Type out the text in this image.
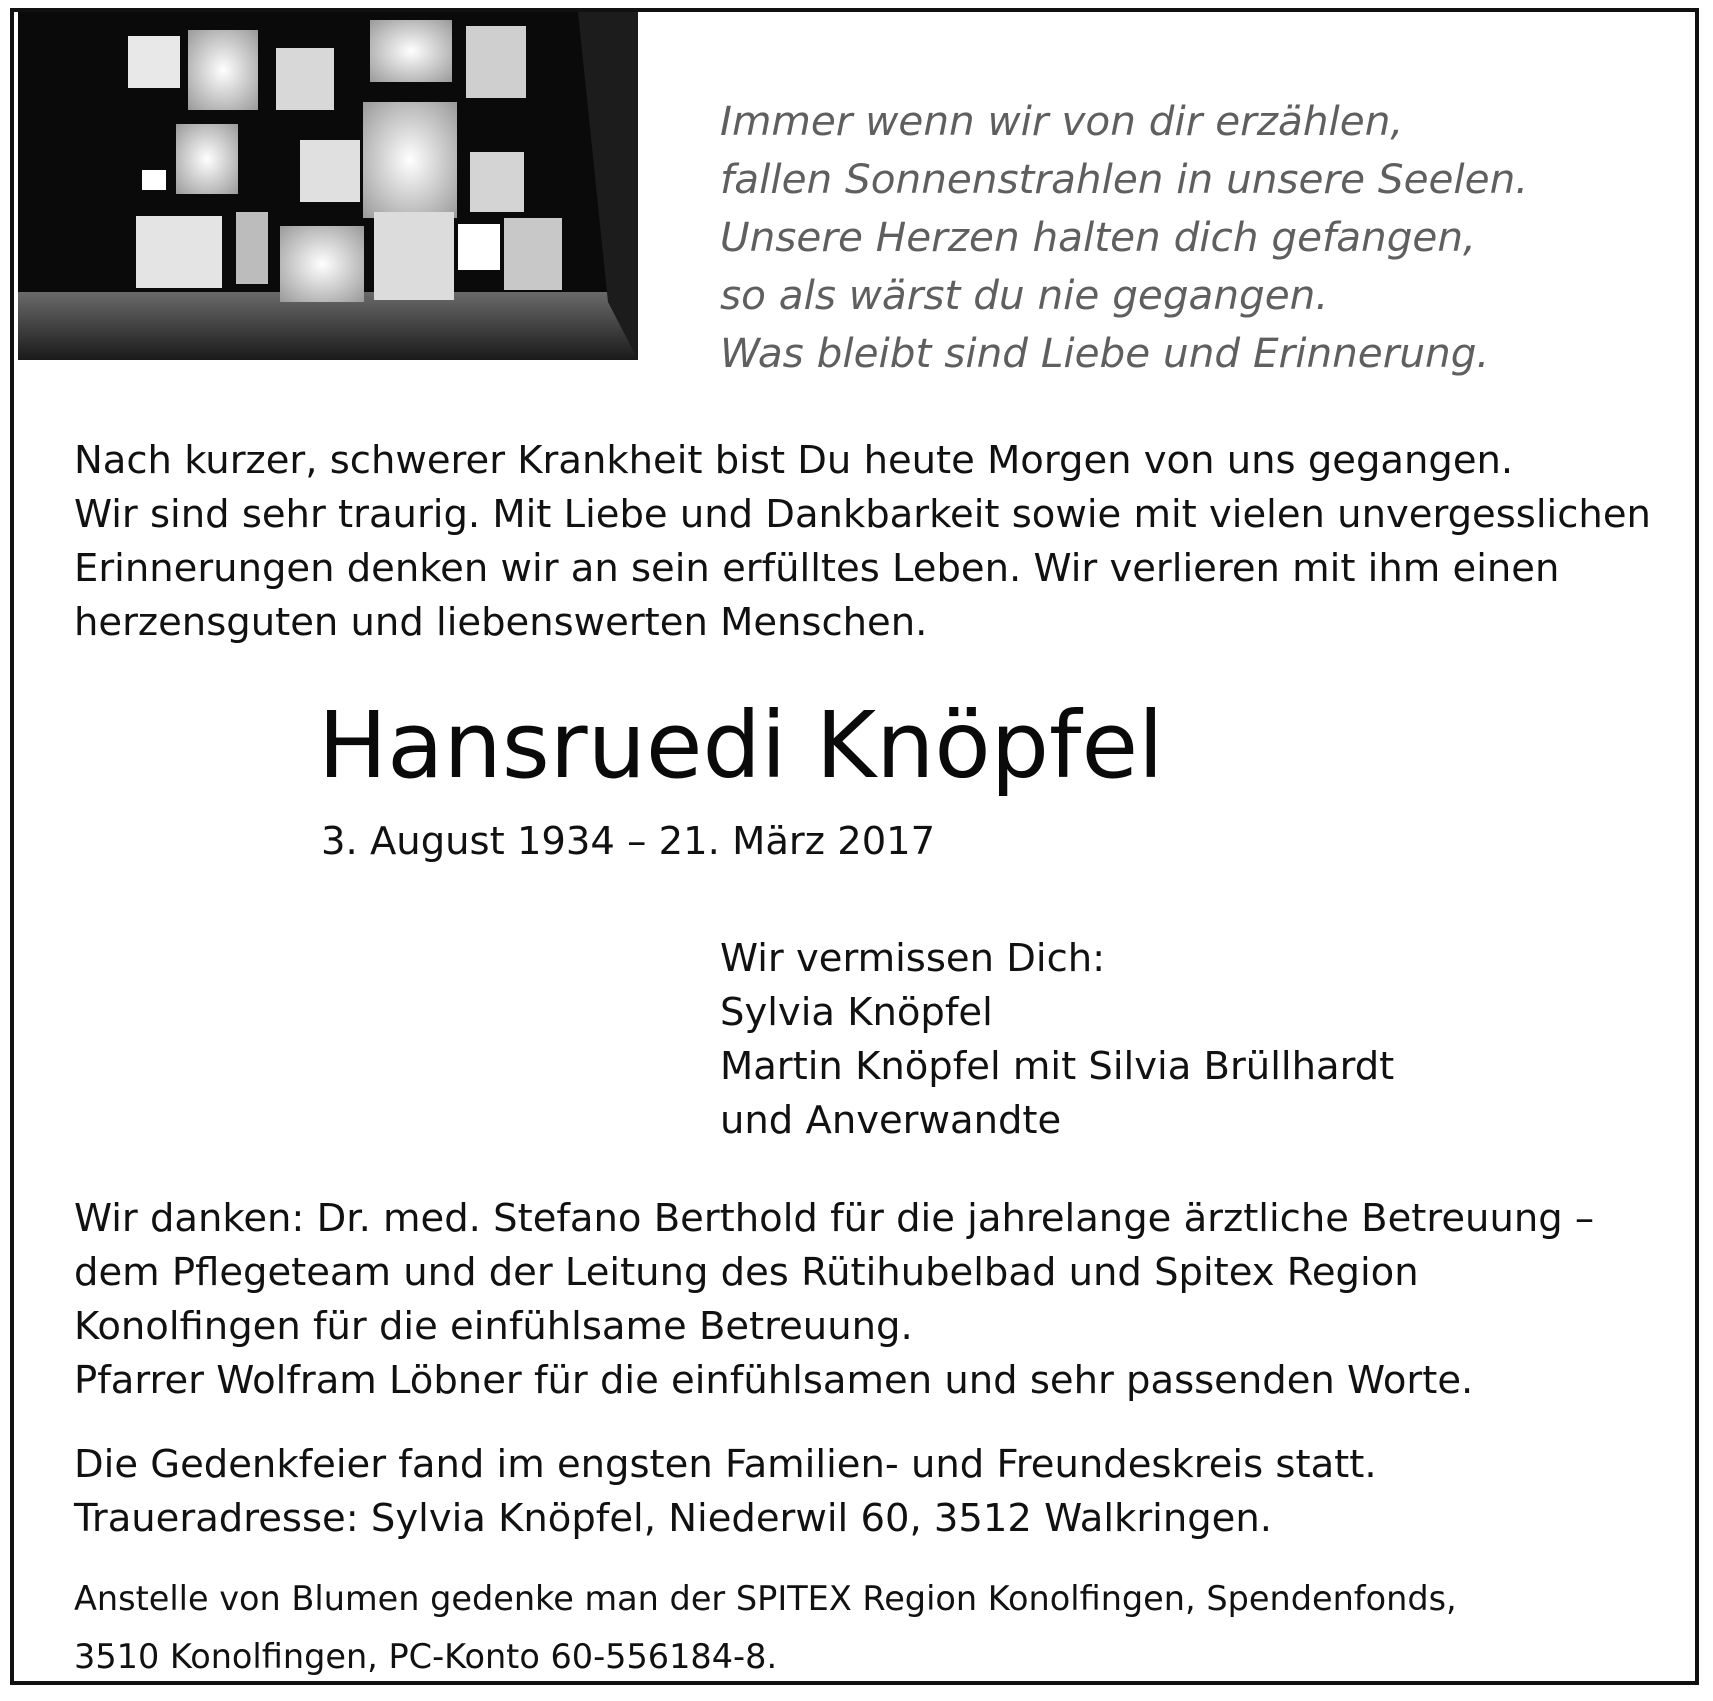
Immer wenn wir von dir erzählen,
fallen Sonnenstrahlen in unsere Seelen.
Unsere Herzen halten dich gefangen,
so als wärst du nie gegangen.
Was bleibt sind Liebe und Erinnerung.
Nach kurzer, schwerer Krankheit bist Du heute Morgen von uns gegangen.
Wir sind sehr traurig. Mit Liebe und Dankbarkeit sowie mit vielen unvergesslichen
Erinnerungen denken wir an sein erfülltes Leben. Wir verlieren mit ihm einen
herzensguten und liebenswerten Menschen.
Hansruedi Knöpfel
3. August 1934 – 21. März 2017
Wir vermissen Dich:
Sylvia Knöpfel
Martin Knöpfel mit Silvia Brüllhardt
und Anverwandte
Wir danken: Dr. med. Stefano Berthold für die jahrelange ärztliche Betreuung –
dem Pflegeteam und der Leitung des Rütihubelbad und Spitex Region
Konolfingen für die einfühlsame Betreuung.
Pfarrer Wolfram Löbner für die einfühlsamen und sehr passenden Worte.
Die Gedenkfeier fand im engsten Familien- und Freundeskreis statt.
Traueradresse: Sylvia Knöpfel, Niederwil 60, 3512 Walkringen.
Anstelle von Blumen gedenke man der SPITEX Region Konolfingen, Spendenfonds,
3510 Konolfingen, PC-Konto 60-556184-8.
